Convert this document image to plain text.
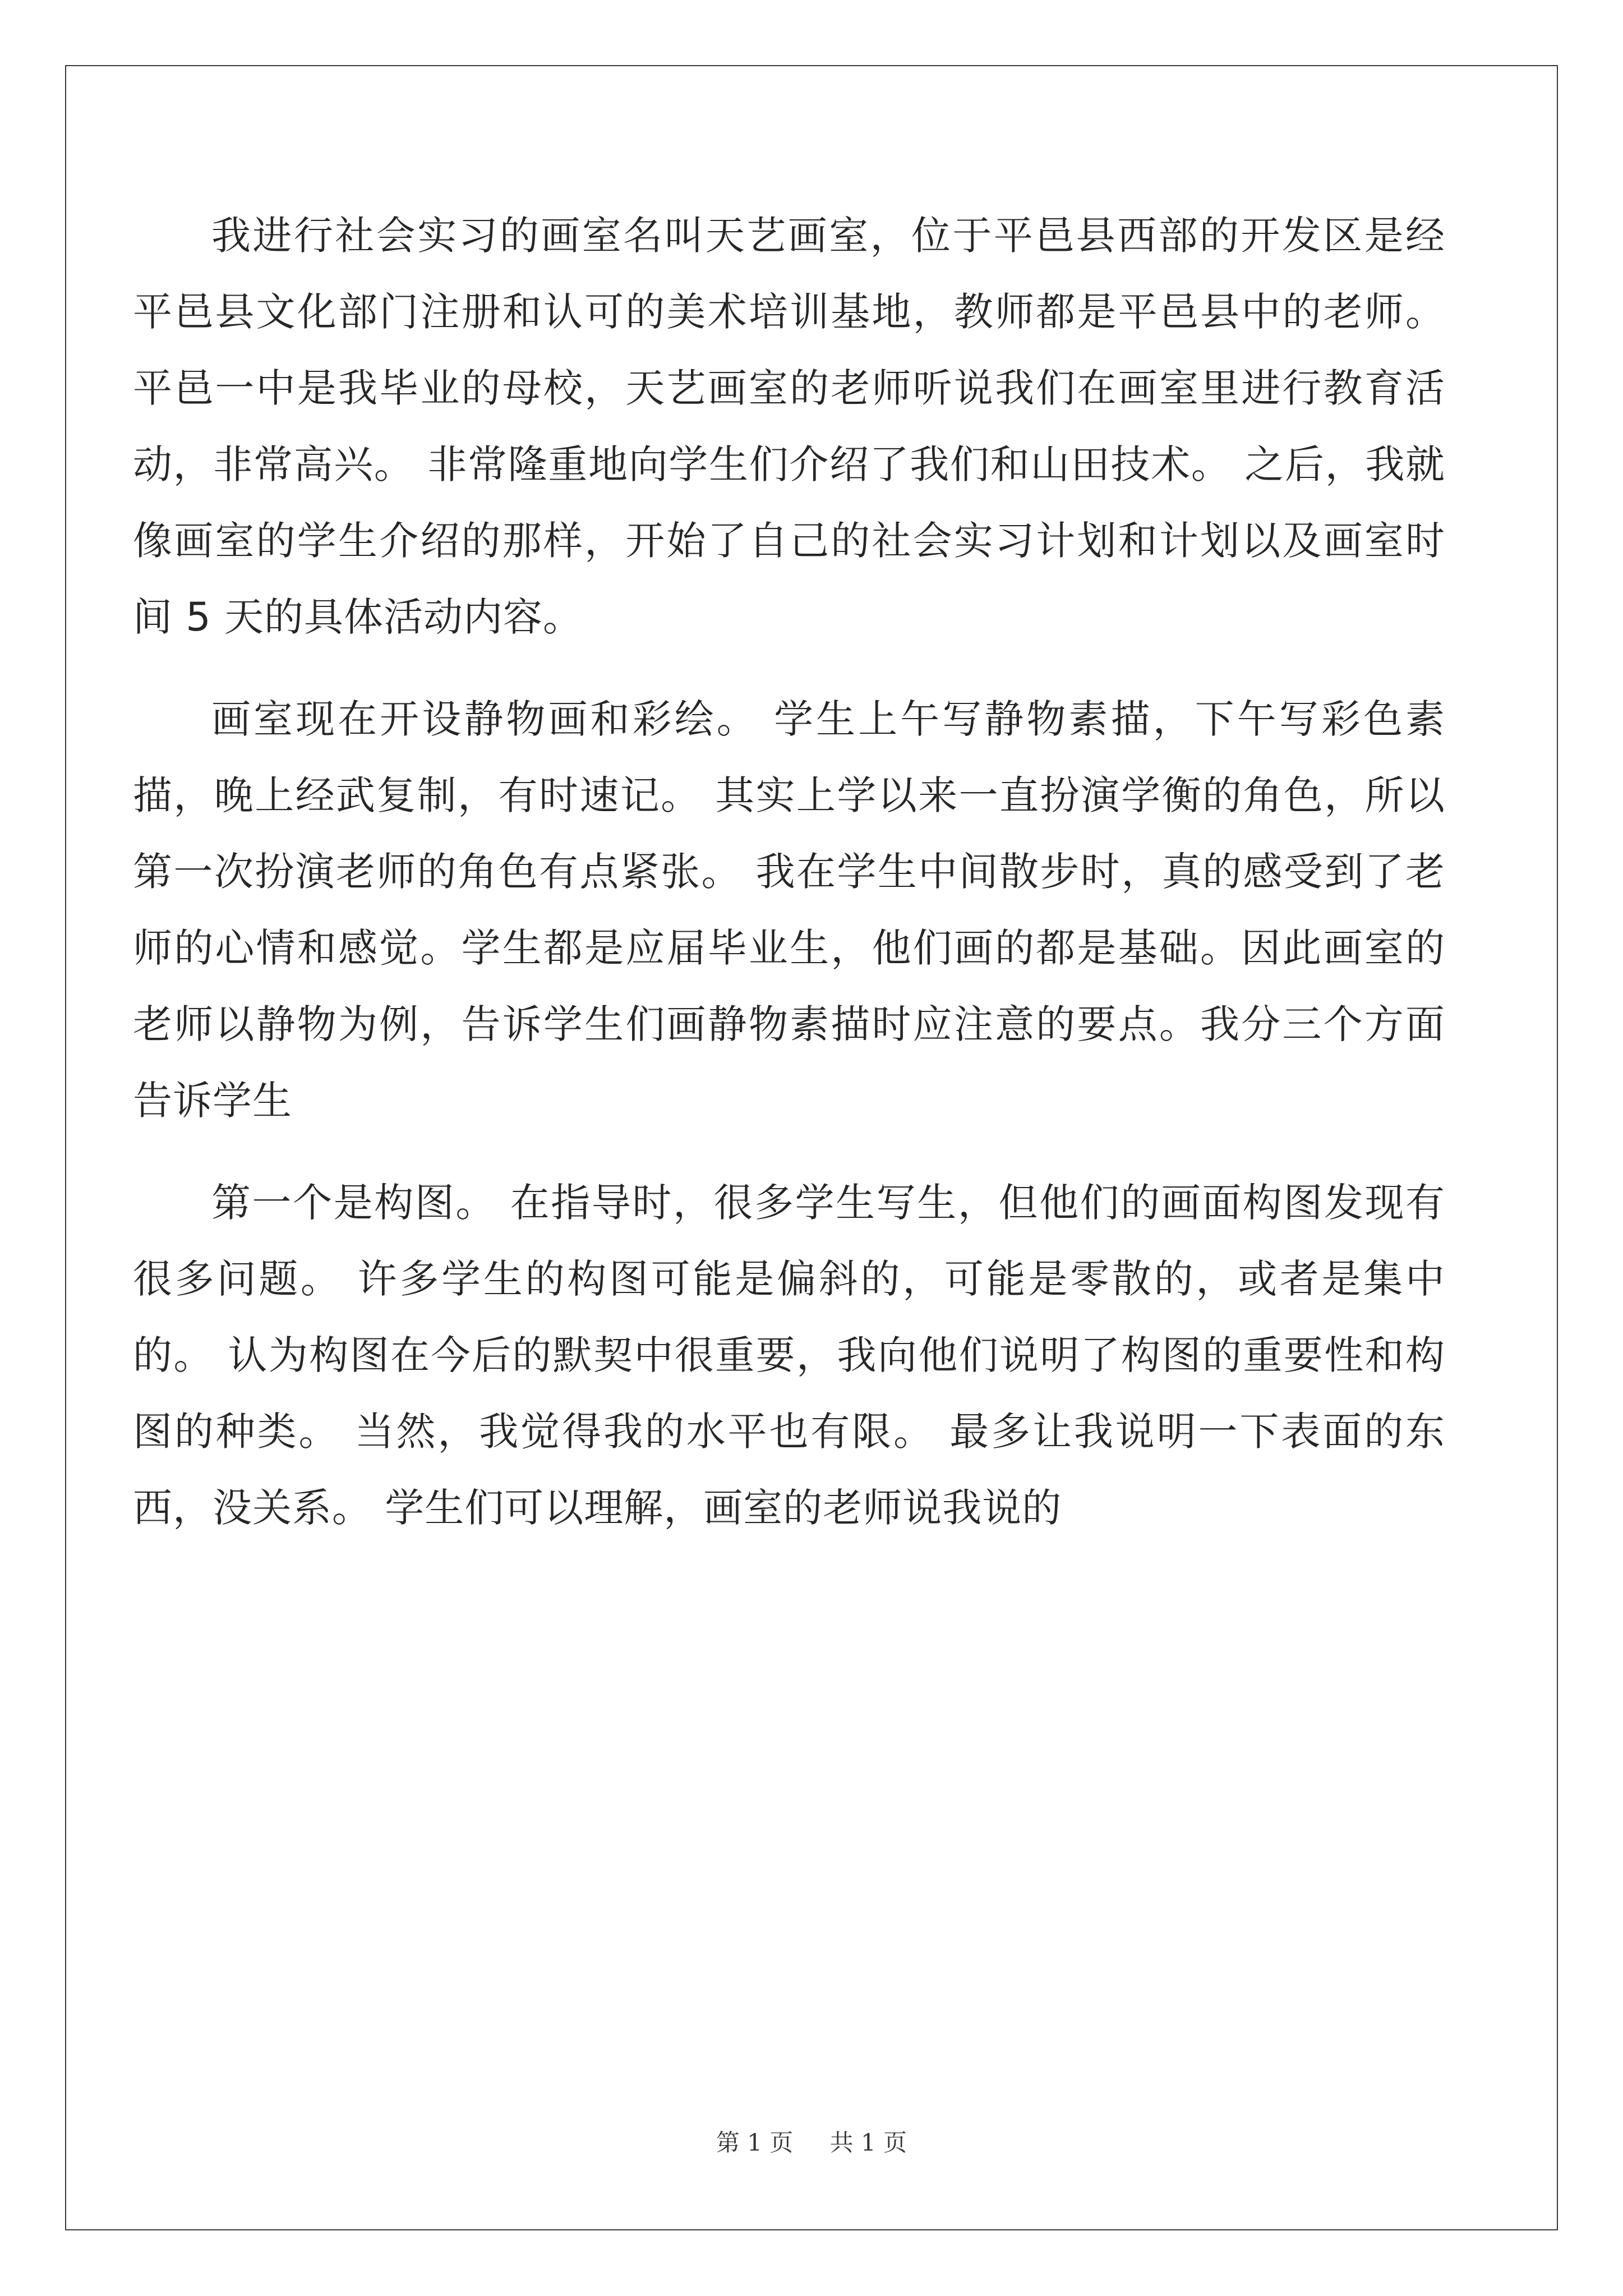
我进行社会实习的画室名叫天艺画室，位于平邑县西部的开发区是经平邑县文化部门注册和认可的美术培训基地，教师都是平邑县中的老师。 平邑一中是我毕业的母校，天艺画室的老师听说我们在画室里进行教育活动，非常高兴。 非常隆重地向学生们介绍了我们和山田技术。 之后，我就像画室的学生介绍的那样，开始了自己的社会实习计划和计划以及画室时间 5 天的具体活动内容。

画室现在开设静物画和彩绘。 学生上午写静物素描，下午写彩色素描，晚上经武复制，有时速记。 其实上学以来一直扮演学衡的角色，所以第一次扮演老师的角色有点紧张。 我在学生中间散步时，真的感受到了老师的心情和感觉。学生都是应届毕业生，他们画的都是基础。因此画室的老师以静物为例，告诉学生们画静物素描时应注意的要点。我分三个方面告诉学生

第一个是构图。 在指导时，很多学生写生，但他们的画面构图发现有很多问题。 许多学生的构图可能是偏斜的，可能是零散的，或者是集中的。 认为构图在今后的默契中很重要，我向他们说明了构图的重要性和构图的种类。 当然，我觉得我的水平也有限。 最多让我说明一下表面的东西，没关系。 学生们可以理解，画室的老师说我说的

第 1 页 共 1 页
